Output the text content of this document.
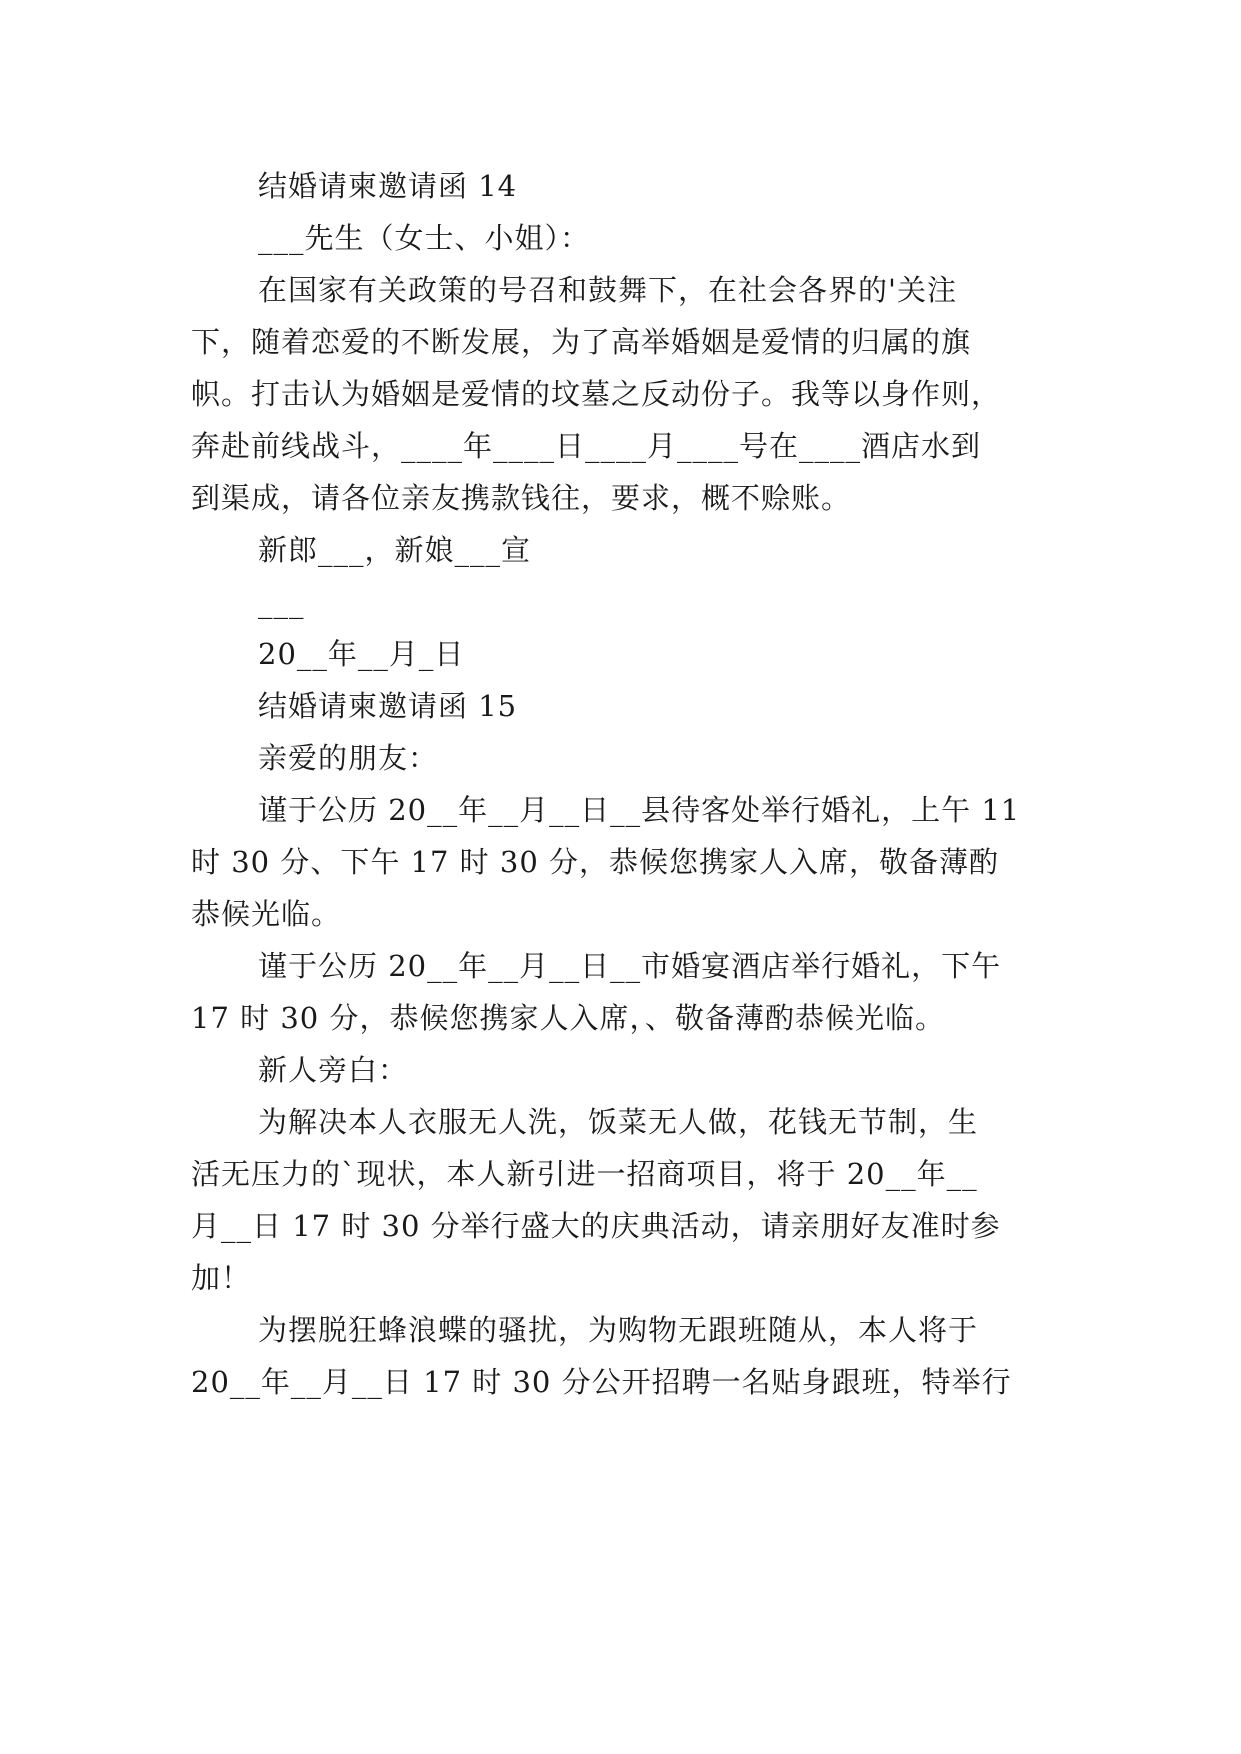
结婚请柬邀请函 14
___先生（女士、小姐）：
在国家有关政策的号召和鼓舞下，在社会各界的'关注
下，随着恋爱的不断发展，为了高举婚姻是爱情的归属的旗
帜。打击认为婚姻是爱情的坟墓之反动份子。我等以身作则，
奔赴前线战斗，____年____日____月____号在____酒店水到
到渠成，请各位亲友携款钱往，要求，概不赊账。
新郎___，新娘___宣
___
20__年__月_日
结婚请柬邀请函 15
亲爱的朋友：
谨于公历 20__年__月__日__县待客处举行婚礼，上午 11
时 30 分、下午 17 时 30 分，恭候您携家人入席，敬备薄酌
恭候光临。
谨于公历 20__年__月__日__市婚宴酒店举行婚礼，下午
17 时 30 分，恭候您携家人入席，、敬备薄酌恭候光临。
新人旁白：
为解决本人衣服无人洗，饭菜无人做，花钱无节制，生
活无压力的`现状，本人新引进一招商项目，将于 20__年__
月__日 17 时 30 分举行盛大的庆典活动，请亲朋好友准时参
加！
为摆脱狂蜂浪蝶的骚扰，为购物无跟班随从，本人将于
20__年__月__日 17 时 30 分公开招聘一名贴身跟班，特举行
